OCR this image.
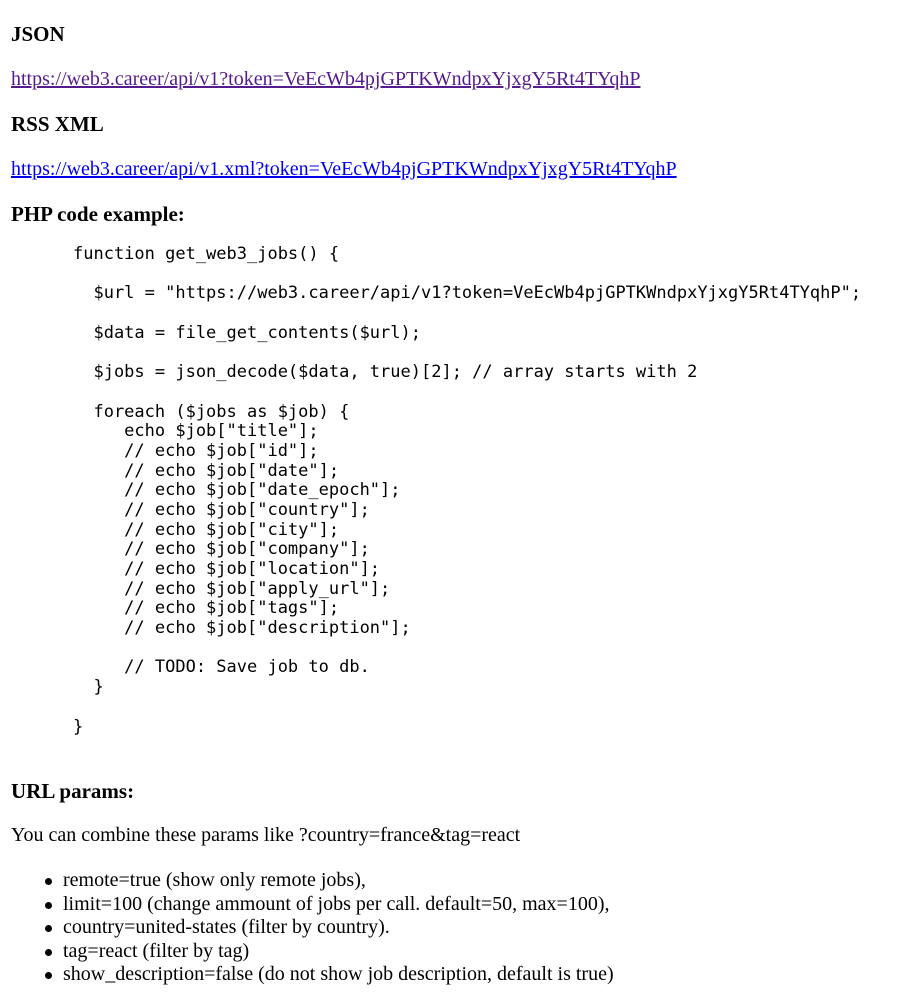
JSON
https://web3.career/api/v1?token=VeEcWb4pjGPTKWndpxYjxgY5Rt4TYqhP
RSS XML
https://web3.career/api/v1.xml?token=VeEcWb4pjGPTKWndpxYjxgY5Rt4TYqhP
PHP code example:
function get_web3_jobs() {

$url = "https://web3.career/api/v1?token=VeEcWb4pjGPTKWndpxYjxgY5Rt4TYqhP";

$data = file_get_contents($url);

$jobs = json_decode($data, true)[2]; // array starts with 2

foreach ($jobs as $job) {
echo $job["title"];
// echo $job["id"];
// echo $job["date"];
// echo $job["date_epoch"];
// echo $job["country"];
// echo $job["city"];
// echo $job["company"];
// echo $job["location"];
// echo $job["apply_url"];
// echo $job["tags"];
// echo $job["description"];

// TODO: Save job to db.
}

}
URL params:

You can combine these params like ?country=france&tag=react

remote=true (show only remote jobs),
limit=100 (change ammount of jobs per call. default=50, max=100),
country=united-states (filter by country).
tag=react (filter by tag)
show_description=false (do not show job description, default is true)
